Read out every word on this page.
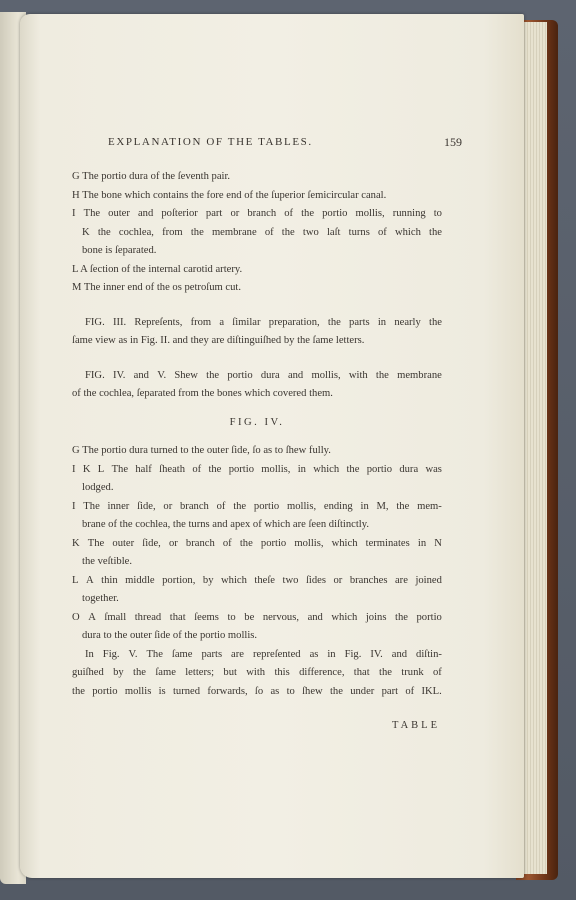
EXPLANATION OF THE TABLES.	159
G The portio dura of the ſeventh pair.
H The bone which contains the fore end of the ſuperior ſemicircular canal.
I The outer and poſterior part or branch of the portio mollis, running to
K the cochlea, from the membrane of the two laſt turns of which the
bone is ſeparated.
L A ſection of the internal carotid artery.
M The inner end of the os petroſum cut.
FIG. III. Repreſents, from a ſimilar preparation, the parts in nearly the
ſame view as in Fig. II. and they are diſtinguiſhed by the ſame letters.
FIG. IV. and V. Shew the portio dura and mollis, with the membrane
of the cochlea, ſeparated from the bones which covered them.
FIG. IV.
G The portio dura turned to the outer ſide, ſo as to ſhew fully.
I K L The half ſheath of the portio mollis, in which the portio dura was
lodged.
I The inner ſide, or branch of the portio mollis, ending in M, the mem-
brane of the cochlea, the turns and apex of which are ſeen diſtinctly.
K The outer ſide, or branch of the portio mollis, which terminates in N
the veſtible.
L A thin middle portion, by which theſe two ſides or branches are joined
together.
O A ſmall thread that ſeems to be nervous, and which joins the portio
dura to the outer ſide of the portio mollis.
In Fig. V. The ſame parts are repreſented as in Fig. IV. and diſtin-
guiſhed by the ſame letters; but with this difference, that the trunk of
the portio mollis is turned forwards, ſo as to ſhew the under part of IKL.
TABLE
